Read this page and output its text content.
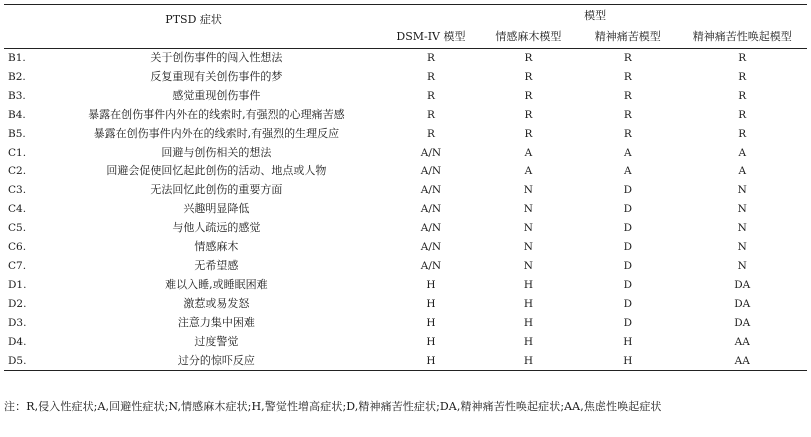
PTSD 症状		模型			
		DSM-IV 模型	情感麻木模型	精神痛苦模型	精神痛苦性唤起模型
B1.	关于创伤事件的闯入性想法	R	R	R	R
B2.	反复重现有关创伤事件的梦	R	R	R	R
B3.	感觉重现创伤事件	R	R	R	R
B4.	暴露在创伤事件内外在的线索时,有强烈的心理痛苦感	R	R	R	R
B5.	暴露在创伤事件内外在的线索时,有强烈的生理反应	R	R	R	R
C1.	回避与创伤相关的想法	A/N	A	A	A
C2.	回避会促使回忆起此创伤的活动、地点或人物	A/N	A	A	A
C3.	无法回忆此创伤的重要方面	A/N	N	D	N
C4.	兴趣明显降低	A/N	N	D	N
C5.	与他人疏远的感觉	A/N	N	D	N
C6.	情感麻木	A/N	N	D	N
C7.	无希望感	A/N	N	D	N
D1.	难以入睡,或睡眠困难	H	H	D	DA
D2.	激惹或易发怒	H	H	D	DA
D3.	注意力集中困难	H	H	D	DA
D4.	过度警觉	H	H	H	AA
D5.	过分的惊吓反应	H	H	H	AA
注：R,侵入性症状;A,回避性症状;N,情感麻木症状;H,警觉性增高症状;D,精神痛苦性症状;DA,精神痛苦性唤起症状;AA,焦虑性唤起症状
